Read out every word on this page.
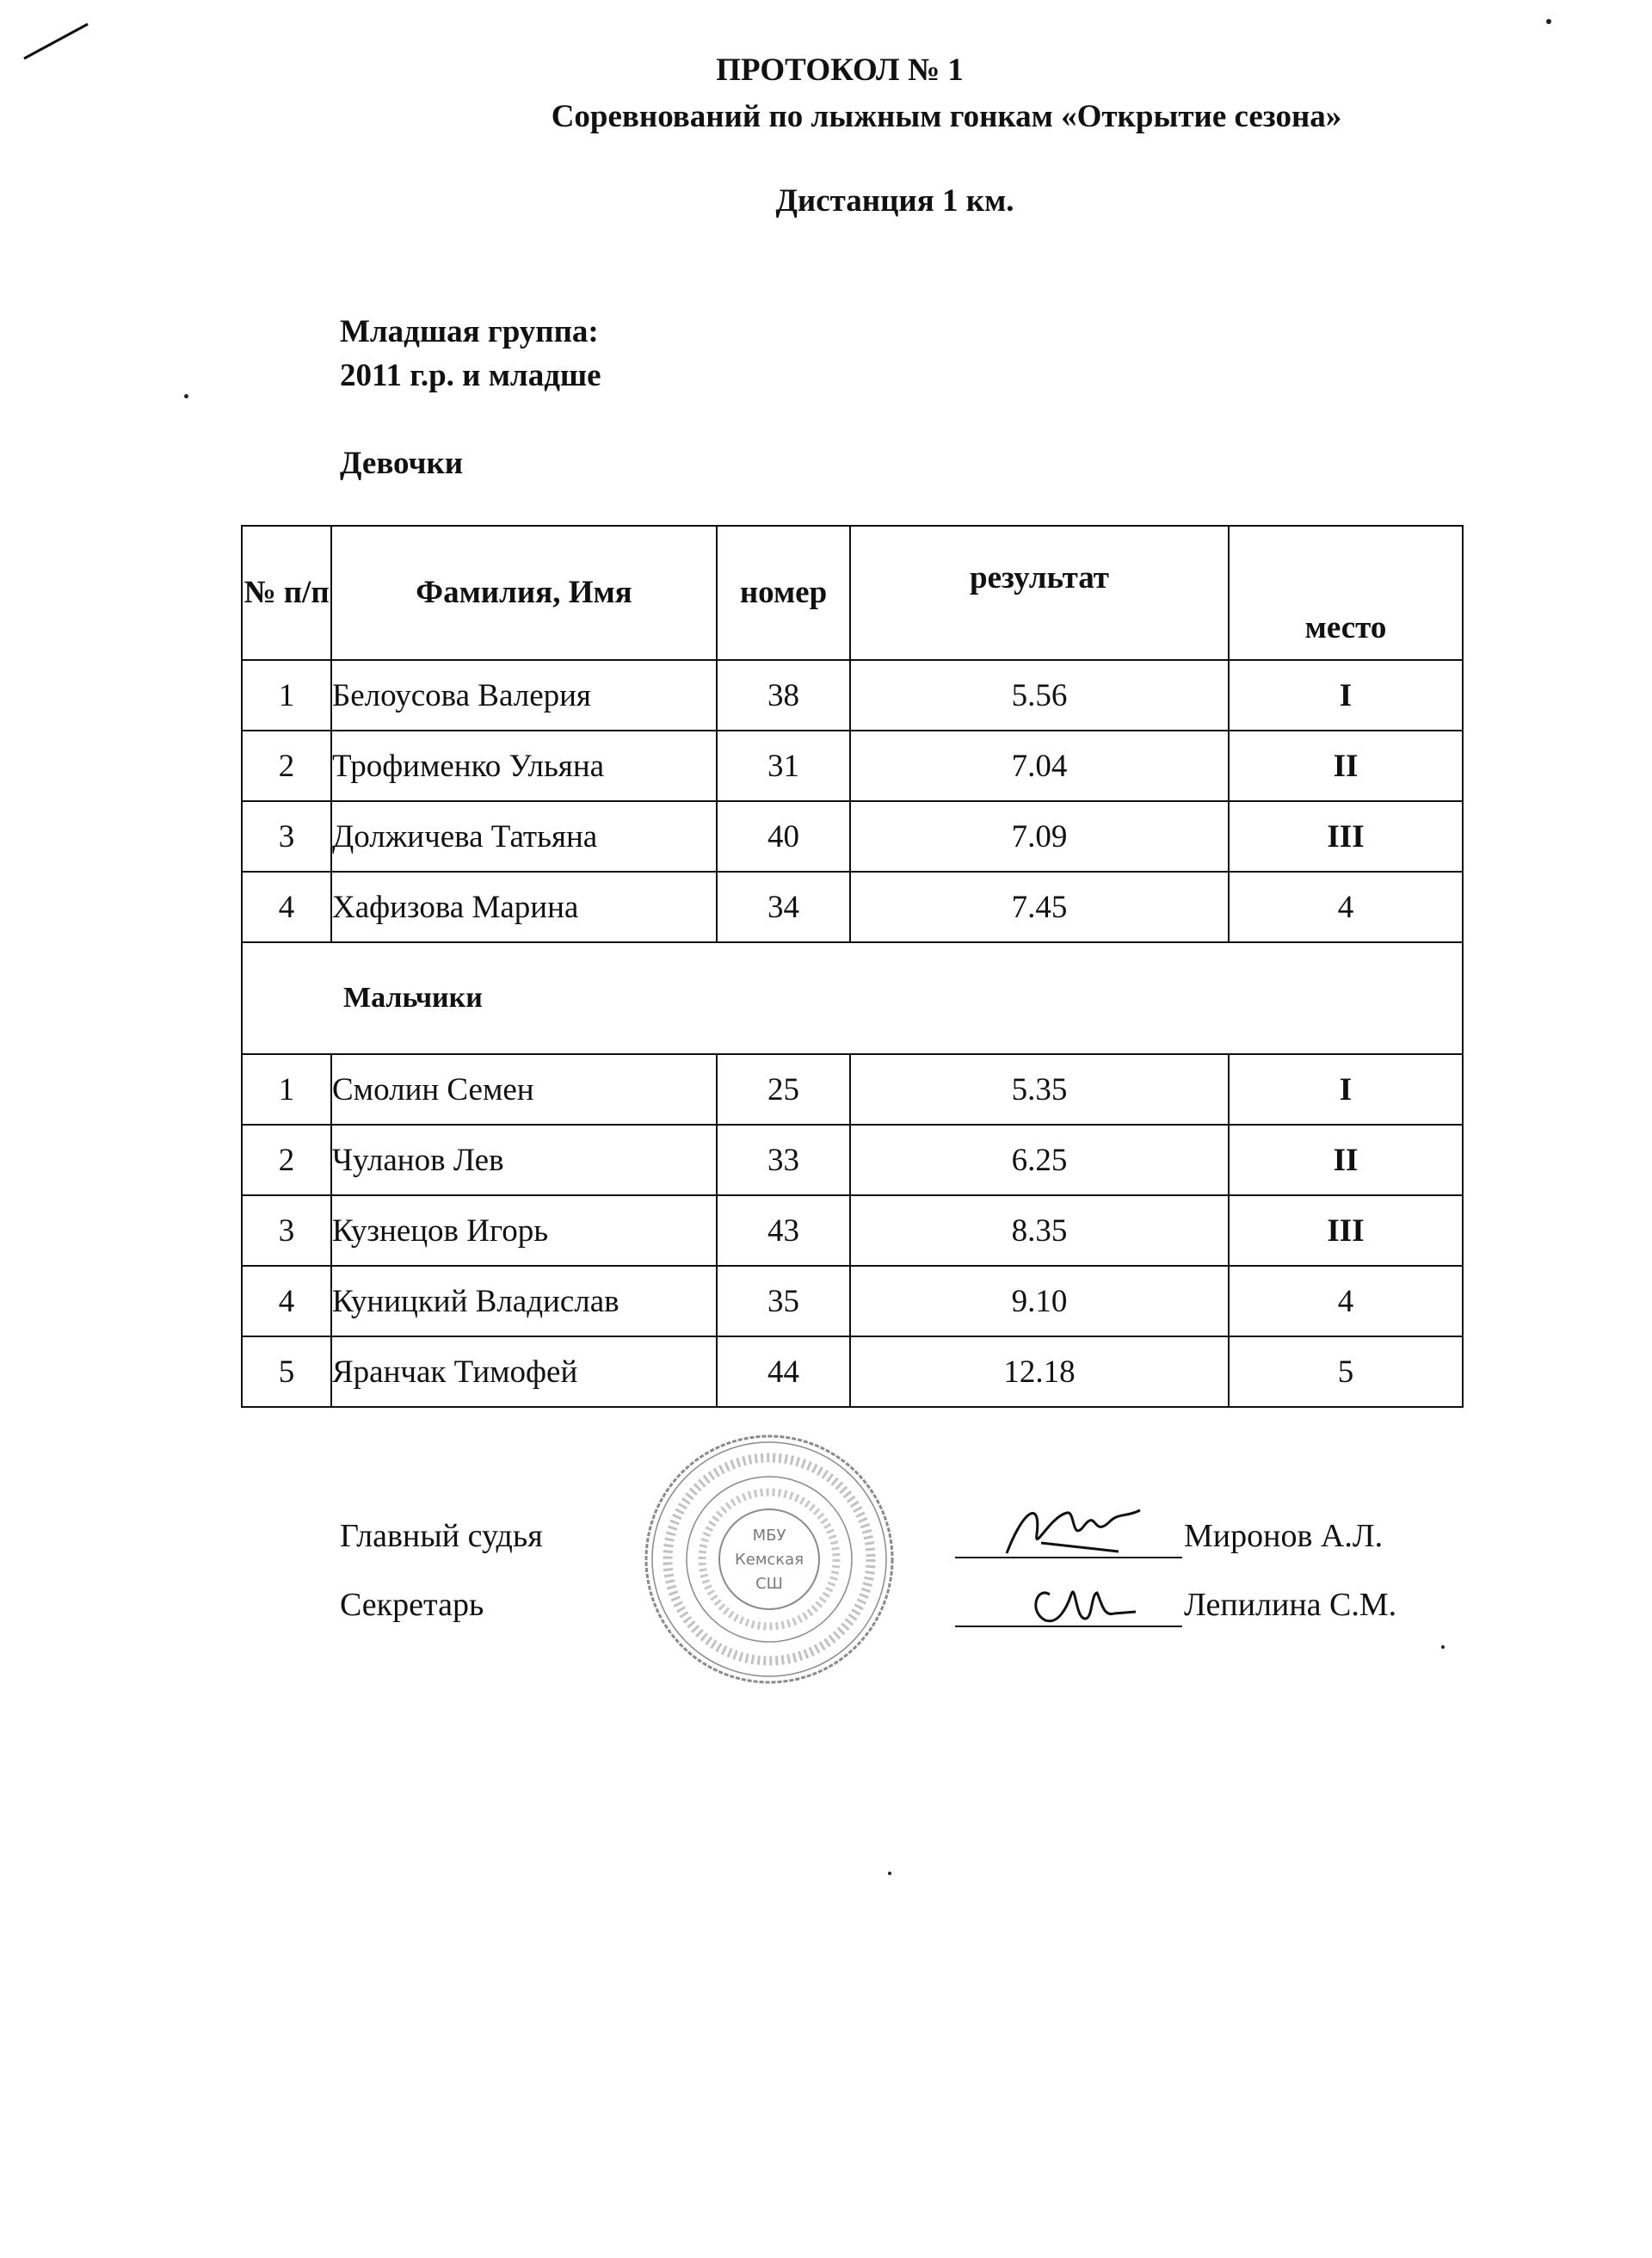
ПРОТОКОЛ № 1
Соревнований по лыжным гонкам «Открытие сезона»
Дистанция 1 км.
Младшая группа:
2011 г.р. и младше
Девочки
№ п/п	Фамилия, Имя	номер	результат	место
1	Белоусова Валерия	38	5.56	I
2	Трофименко Ульяна	31	7.04	II
3	Должичева Татьяна	40	7.09	III
4	Хафизова Марина	34	7.45	4
Мальчики				
1	Смолин Семен	25	5.35	I
2	Чуланов Лев	33	6.25	II
3	Кузнецов Игорь	43	8.35	III
4	Куницкий Владислав	35	9.10	4
5	Яранчак Тимофей	44	12.18	5
МБУ
Кемская
СШ
Главный судья	Миронов А.Л.
Секретарь	Лепилина С.М.
